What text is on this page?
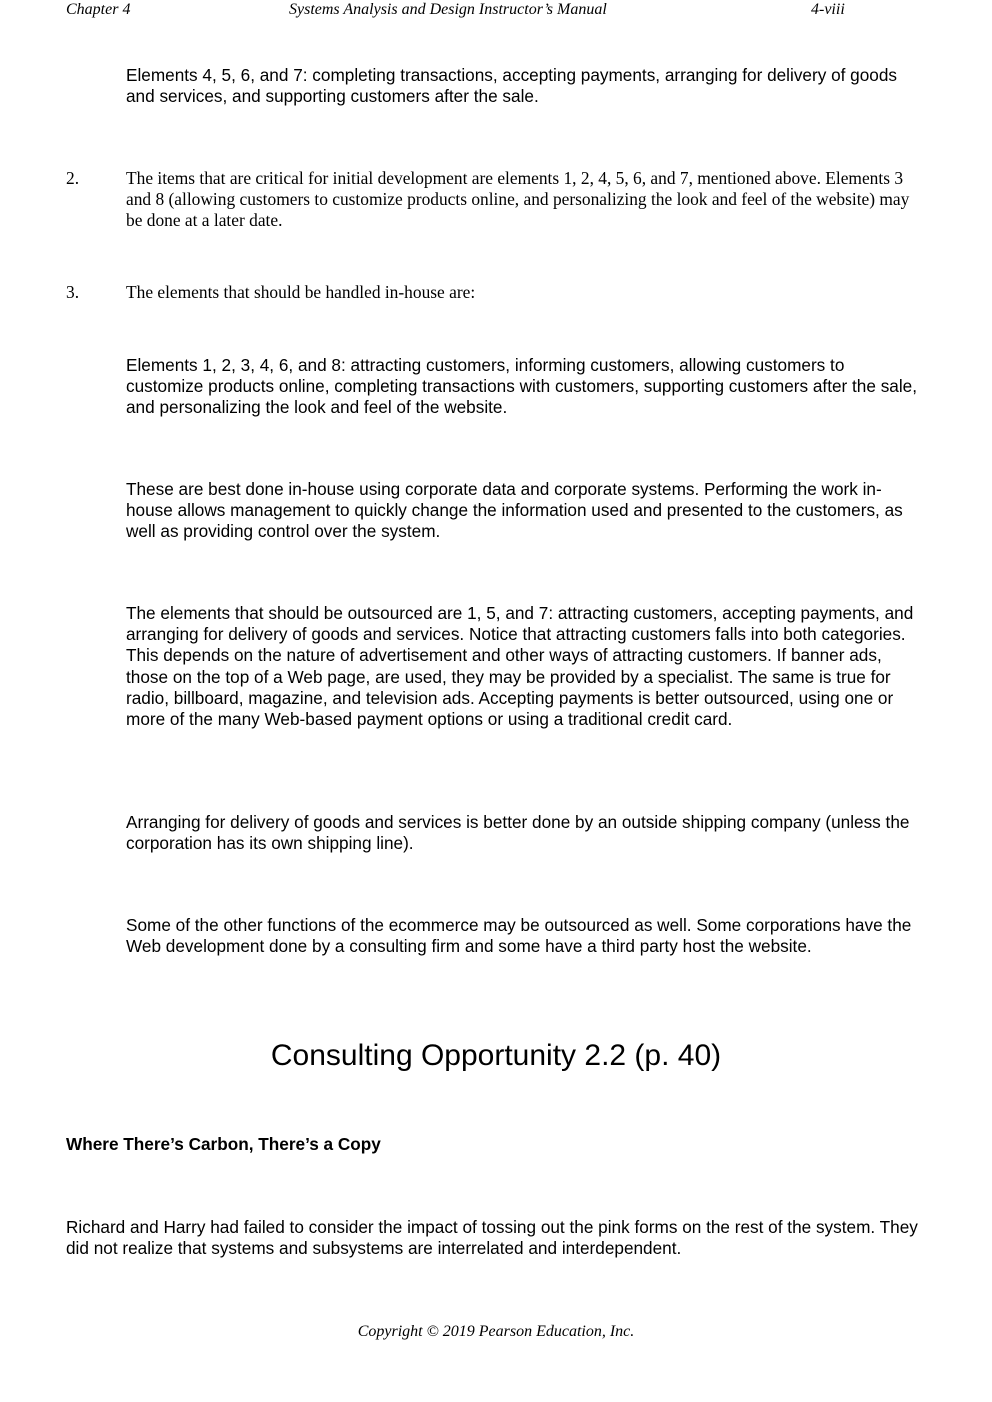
Chapter 4	Systems Analysis and Design Instructor’s Manual	4-viii
Elements 4, 5, 6, and 7: completing transactions, accepting payments, arranging for delivery of goods and services, and supporting customers after the sale.
2.	The items that are critical for initial development are elements 1, 2, 4, 5, 6, and 7, mentioned above. Elements 3 and 8 (allowing customers to customize products online, and personalizing the look and feel of the website) may be done at a later date.
3.	The elements that should be handled in-house are:
Elements 1, 2, 3, 4, 6, and 8: attracting customers, informing customers, allowing customers to customize products online, completing transactions with customers, supporting customers after the sale, and personalizing the look and feel of the website.
These are best done in-house using corporate data and corporate systems. Performing the work in-house allows management to quickly change the information used and presented to the customers, as well as providing control over the system.
The elements that should be outsourced are 1, 5, and 7: attracting customers, accepting payments, and arranging for delivery of goods and services. Notice that attracting customers falls into both categories. This depends on the nature of advertisement and other ways of attracting customers. If banner ads, those on the top of a Web page, are used, they may be provided by a specialist. The same is true for radio, billboard, magazine, and television ads. Accepting payments is better outsourced, using one or more of the many Web-based payment options or using a traditional credit card.
Arranging for delivery of goods and services is better done by an outside shipping company (unless the corporation has its own shipping line).
Some of the other functions of the ecommerce may be outsourced as well. Some corporations have the Web development done by a consulting firm and some have a third party host the website.
Consulting Opportunity 2.2 (p. 40)
Where There’s Carbon, There’s a Copy
Richard and Harry had failed to consider the impact of tossing out the pink forms on the rest of the system. They did not realize that systems and subsystems are interrelated and interdependent.
Copyright © 2019 Pearson Education, Inc.
